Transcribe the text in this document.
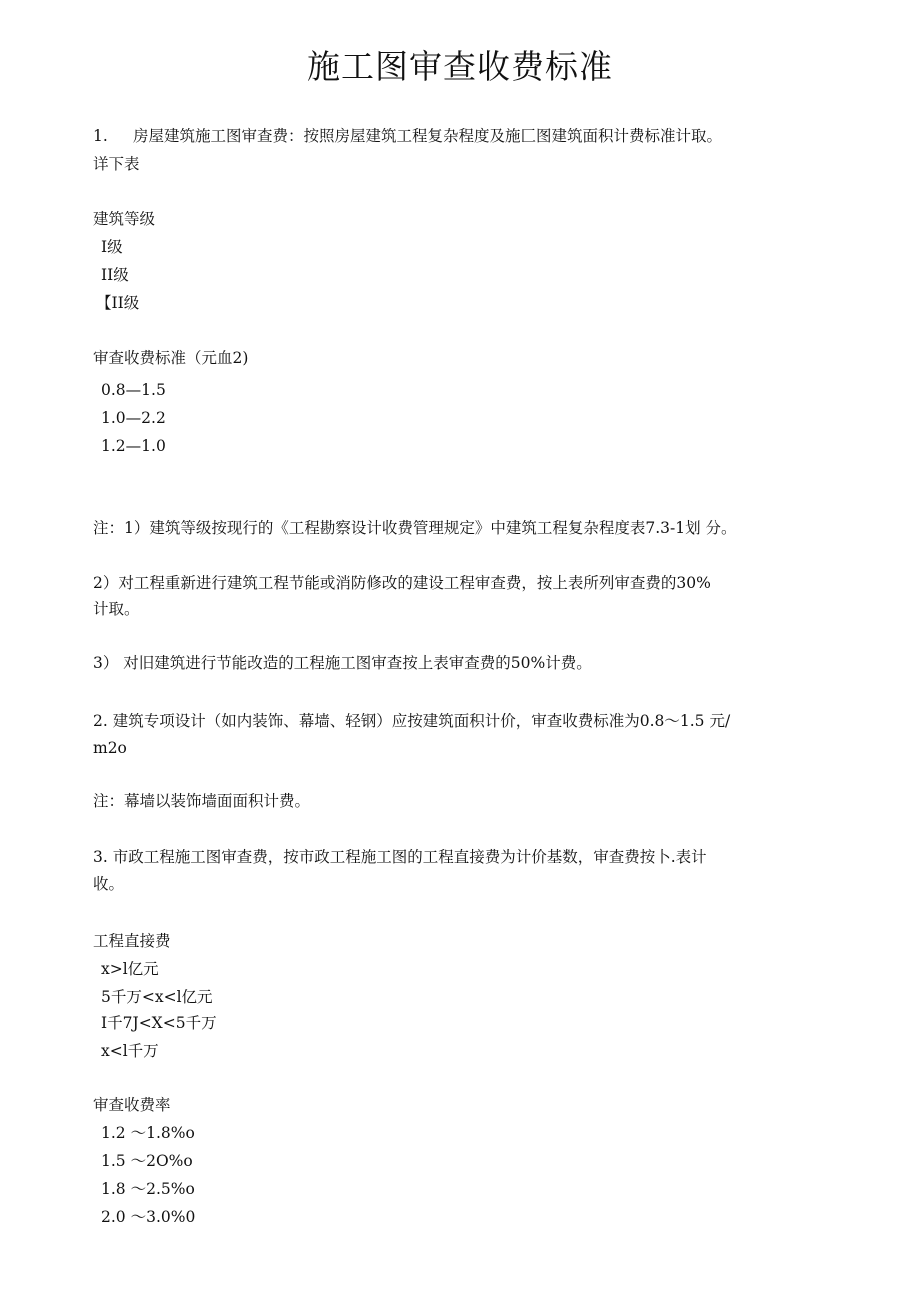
施工图审查收费标准
1. 房屋建筑施工图审查费：按照房屋建筑工程复杂程度及施匚图建筑面积计费标准计取。
详下表
建筑等级
I级
II级
【II级
审查收费标准（元血2)
0.8—1.5
1.0—2.2
1.2—1.0
注：1）建筑等级按现行的《工程勘察设计收费管理规定》中建筑工程复杂程度表7.3-1划 分。
2）对工程重新进行建筑工程节能或消防修改的建设工程审查费，按上表所列审查费的30%
计取。
3） 对旧建筑进行节能改造的工程施工图审查按上表审查费的50%计费。
2. 建筑专项设计（如内装饰、幕墙、轻钢）应按建筑面积计价，审查收费标准为0.8〜1.5 元/
m2o
注：幕墙以装饰墙面面积计费。
3. 市政工程施工图审查费，按市政工程施工图的工程直接费为计价基数，审查费按卜.表计
收。
工程直接费
x>l亿元
5千万<x<l亿元
I千7J<X<5千万
x<l千万
审查收费率
1.2 〜1.8%o
1.5 〜2O%o
1.8 〜2.5%o
2.0 〜3.0%0
